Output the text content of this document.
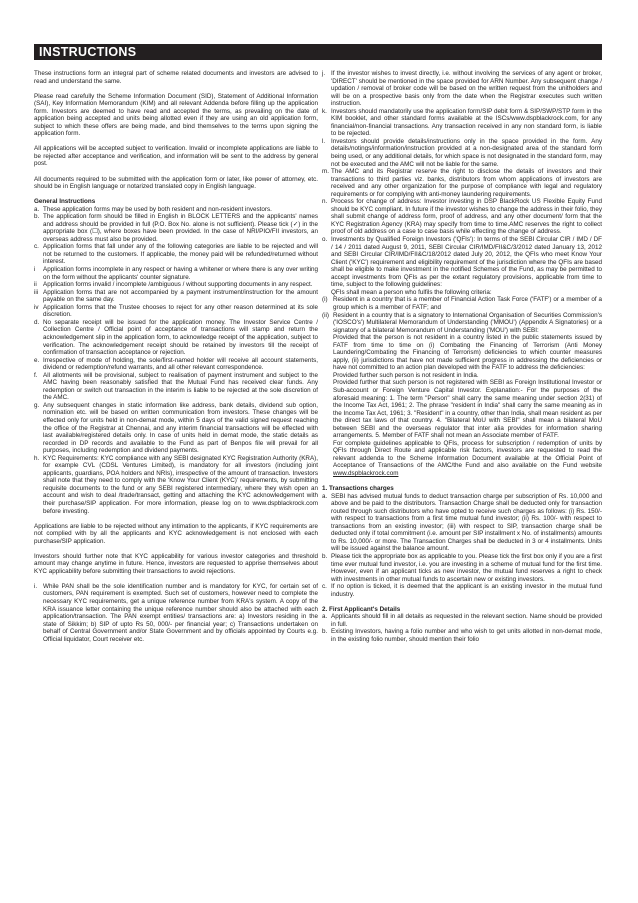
INSTRUCTIONS

These instructions form an integral part of scheme related documents and investors are advised to read and understand the same.

Please read carefully the Scheme Information Document (SID), Statement of Additional Information (SAI), Key Information Memorandum (KIM) and all relevant Addenda before filling up the application form. Investors are deemed to have read and accepted the terms, as prevailing on the date of application being accepted and units being allotted even if they are using an old application form, subject to which these offers are being made, and bind themselves to the terms upon signing the application form.

All applications will be accepted subject to verification. Invalid or incomplete applications are liable to be rejected after acceptance and verification, and information will be sent to the address by general post.

All documents required to be submitted with the application form or later, like power of attorney, etc. should be in English language or notarized translated copy in English language.

General Instructions
a. These application forms may be used by both resident and non-resident investors.
b. The application form should be filled in English in BLOCK LETTERS and the applicants' names and address should be provided in full (P.O. Box No. alone is not sufficient). Please tick (✓) in the appropriate box (☐), where boxes have been provided. In the case of NRI/PIO/FII investors, an overseas address must also be provided.
c. Application forms that fall under any of the following categories are liable to be rejected and will not be returned to the customers. If applicable, the money paid will be refunded/returned without interest.
i Application forms incomplete in any respect or having a whitener or where there is any over writing on the form without the applicants' counter signature.
ii Application forms invalid / incomplete /ambiguous / without supporting documents in any respect.
iii Application forms that are not accompanied by a payment instrument/instruction for the amount payable on the same day.
iv Application forms that the Trustee chooses to reject for any other reason determined at its sole discretion.
d. No separate receipt will be issued for the application money. The Investor Service Centre / Collection Centre / Official point of acceptance of transactions will stamp and return the acknowledgement slip in the application form, to acknowledge receipt of the application, subject to verification. The acknowledgement receipt should be retained by investors till the receipt of confirmation of transaction acceptance or rejection.
e. Irrespective of mode of holding, the sole/first-named holder will receive all account statements, dividend or redemption/refund warrants, and all other relevant correspondence.
f. All allotments will be provisional, subject to realisation of payment instrument and subject to the AMC having been reasonably satisfied that the Mutual Fund has received clear funds. Any redemption or switch out transaction in the interim is liable to be rejected at the sole discretion of the AMC.
g. Any subsequent changes in static information like address, bank details, dividend sub option, nomination etc. will be based on written communication from investors. These changes will be effected only for units held in non-demat mode, within 5 days of the valid signed request reaching the office of the Registrar at Chennai, and any interim financial transactions will be effected with last available/registered details only. In case of units held in demat mode, the static details as recorded in DP records and available to the Fund as part of Benpos file will prevail for all purposes, including redemption and dividend payments.
h. KYC Requirements: KYC compliance with any SEBI designated KYC Registration Authority (KRA), for example CVL (CDSL Ventures Limited), is mandatory for all investors (including joint applicants, guardians, POA holders and NRIs), irrespective of the amount of transaction. Investors shall note that they need to comply with the 'Know Your Client (KYC)' requirements, by submitting requisite documents to the fund or any SEBI registered intermediary, where they wish open an account and wish to deal /trade/transact, getting and attaching the KYC acknowledgement with their purchase/SIP application. For more information, please log on to www.dspblackrock.com before investing.

Applications are liable to be rejected without any intimation to the applicants, if KYC requirements are not complied with by all the applicants and KYC acknowledgement is not enclosed with each purchase/SIP application.

Investors should further note that KYC applicability for various investor categories and threshold amount may change anytime in future. Hence, investors are requested to apprise themselves about KYC applicability before submitting their transactions to avoid rejections.

i. While PAN shall be the sole identification number and is mandatory for KYC, for certain set of customers, PAN requirement is exempted. Such set of customers, however need to complete the necessary KYC requirements, get a unique reference number from KRA's system. A copy of the KRA issuance letter containing the unique reference number should also be attached with each application/transaction. The PAN exempt entities/ transactions are: a) Investors residing in the state of Sikkim; b) SIP of upto Rs 50, 000/- per financial year; c) Transactions undertaken on behalf of Central Government and/or State Government and by officials appointed by Courts e.g. Official liquidator, Court receiver etc.
j. If the investor wishes to invest directly, i.e. without involving the services of any agent or broker, 'DIRECT' should be mentioned in the space provided for ARN Number. Any subsequent change / updation / removal of broker code will be based on the written request from the unitholders and will be on a prospective basis only from the date when the Registrar executes such written instruction.
k. Investors should mandatorily use the application form/SIP debit form & SIP/SWP/STP form in the KIM booklet, and other standard forms available at the ISCs/www.dspblackrock.com, for any financial/non-financial transactions. Any transaction received in any non standard form, is liable to be rejected.
l. Investors should provide details/instructions only in the space provided in the form. Any details/notings/information/instruction provided at a non-designated area of the standard form being used, or any additional details, for which space is not designated in the standard form, may not be executed and the AMC will not be liable for the same.
m. The AMC and its Registrar reserve the right to disclose the details of investors and their transactions to third parties viz. banks, distributors from whom applications of investors are received and any other organization for the purpose of compliance with legal and regulatory requirements or for complying with anti-money laundering requirements.
n. Process for change of address: Investor investing in DSP BlackRock US Flexible Equity Fund should be KYC compliant. In future if the investor wishes to change the address in their folio, they shall submit change of address form, proof of address, and any other document/ form that the KYC Registration Agency (KRA) may specify from time to time.AMC reserves the right to collect proof of old address on a case to case basis while effecting the change of address.
o. Investments by Qualified Foreign Investors ('QFIs'): In terms of the SEBI Circular CIR / IMD / DF / 14 / 2011 dated August 9, 2011, SEBI Circular CIR/IMD/FII&C/3/2012 dated January 13, 2012 and SEBI Circular CIR/IMD/FII&C/18/2012 dated July 20, 2012, the QFIs who meet Know Your Client ('KYC') requirement and eligibility requirement of the jurisdiction where the QFIs are based shall be eligible to make investment in the notified Schemes of the Fund, as may be permitted to accept investments from QFIs as per the extant regulatory provisions, applicable from time to time, subject to the following guidelines:
QFIs shall mean a person who fulfils the following criteria:
(i) Resident in a country that is a member of Financial Action Task Force ('FATF') or a member of a group which is a member of FATF; and
(ii) Resident in a country that is a signatory to International Organisation of Securities Commission's ('IOSCO's') Multilateral Memorandum of Understanding ('MMOU') (Appendix A Signatories) or a signatory of a bilateral Memorandum of Understanding ('MOU') with SEBI:
Provided that the person is not resident in a country listed in the public statements issued by FATF from time to time on (i) Combating the Financing of Terrorism (Anti Money Laundering/Combating the Financing of Terrorism) deficiencies to which counter measures apply, (ii) jurisdictions that have not made sufficient progress in addressing the deficiencies or have not committed to an action plan developed with the FATF to address the deficiencies:
Provided further such person is not resident in India.
Provided further that such person is not registered with SEBI as Foreign Institutional Investor or Sub-account or Foreign Venture Capital Investor. Explanation:- For the purposes of the aforesaid meaning: 1. The term "Person" shall carry the same meaning under section 2(31) of the Income Tax Act, 1961; 2. The phrase "resident in India" shall carry the same meaning as in the Income Tax Act, 1961; 3. "Resident" in a country, other than India, shall mean resident as per the direct tax laws of that country. 4. "Bilateral MoU with SEBI" shall mean a bilateral MoU between SEBI and the overseas regulator that inter alia provides for information sharing arrangements. 5. Member of FATF shall not mean an Associate member of FATF.
For complete guidelines applicable to QFIs, process for subscription / redemption of units by QFIs through Direct Route and applicable risk factors, investors are requested to read the relevant addenda to the Scheme Information Document available at the Official Point of Acceptance of Transactions of the AMC/the Fund and also available on the Fund website www.dspblackrock.com
1. Transactions charges
a. SEBI has advised mutual funds to deduct transaction charge per subscription of Rs. 10,000 and above and be paid to the distributors. Transaction Charge shall be deducted only for transaction routed through such distributors who have opted to receive such charges as follows: (i) Rs. 150/- with respect to transactions from a first time mutual fund investor; (ii) Rs. 100/- with respect to transactions from an existing investor; (iii) with respect to SIP, transaction charge shall be deducted only if total commitment (i.e. amount per SIP installment x No. of installments) amounts to Rs. 10,000/- or more. The Transaction Charges shall be deducted in 3 or 4 installments. Units will be issued against the balance amount.
b. Please tick the appropriate box as applicable to you. Please tick the first box only if you are a first time ever mutual fund investor, i.e. you are investing in a scheme of mutual fund for the first time. However, even if an applicant ticks as new investor, the mutual fund reserves a right to check with investments in other mutual funds to ascertain new or existing investors.
c. If no option is ticked, it is deemed that the applicant is an existing investor in the mutual fund industry.
2. First Applicant's Details
a. Applicants should fill in all details as requested in the relevant section. Name should be provided in full.
b. Existing Investors, having a folio number and who wish to get units allotted in non-demat mode, in the existing folio number, should mention their folio
